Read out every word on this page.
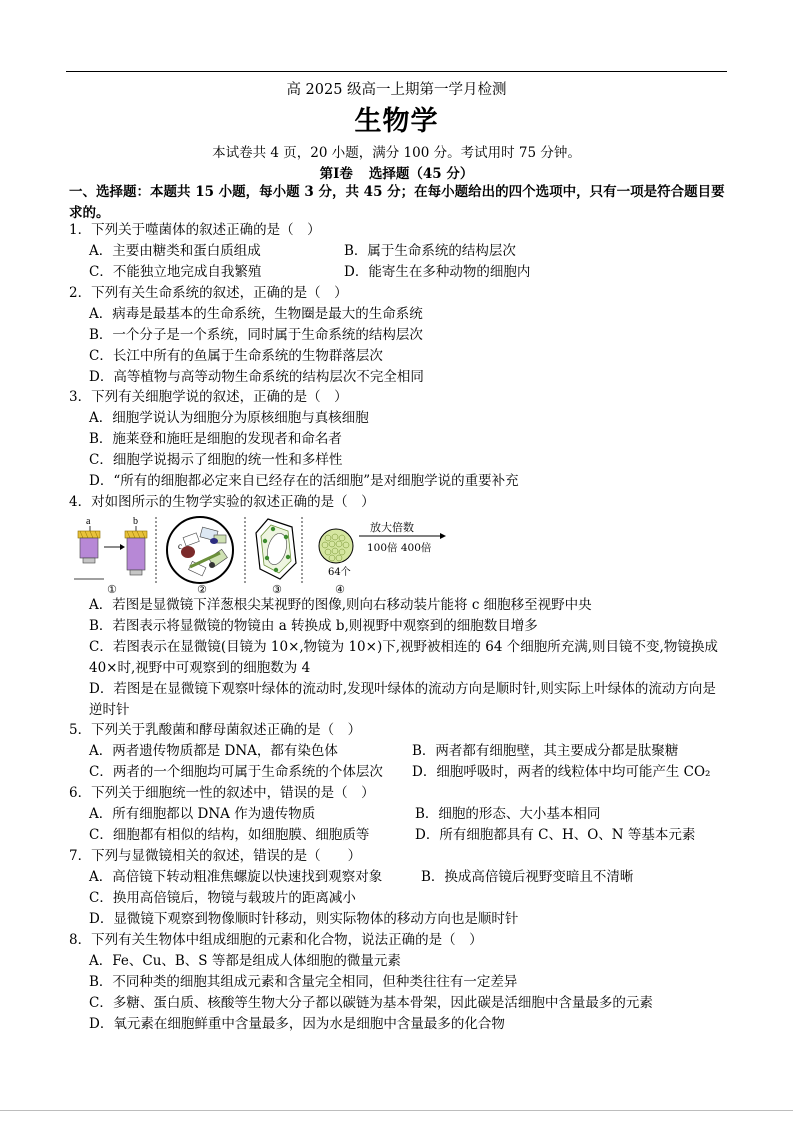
高 2025 级高一上期第一学月检测
生物学
本试卷共 4 页，20 小题，满分 100 分。考试用时 75 分钟。
第Ⅰ卷 选择题（45 分）
一、选择题：本题共 15 小题，每小题 3 分，共 45 分；在每小题给出的四个选项中，只有一项是符合题目要求的。
1．下列关于噬菌体的叙述正确的是（　）
A．主要由糖类和蛋白质组成	B．属于生命系统的结构层次
C．不能独立地完成自我繁殖	D．能寄生在多种动物的细胞内
2．下列有关生命系统的叙述，正确的是（　）
A．病毒是最基本的生命系统，生物圈是最大的生命系统
B．一个分子是一个系统，同时属于生命系统的结构层次
C．长江中所有的鱼属于生命系统的生物群落层次
D．高等植物与高等动物生命系统的结构层次不完全相同
3．下列有关细胞学说的叙述，正确的是（　）
A．细胞学说认为细胞分为原核细胞与真核细胞
B．施莱登和施旺是细胞的发现者和命名者
C．细胞学说揭示了细胞的统一性和多样性
D．“所有的细胞都必定来自已经存在的活细胞”是对细胞学说的重要补充
4．对如图所示的生物学实验的叙述正确的是（　）
a	b
①
c
②	③
64个
放大倍数
100倍 400倍
④
A．若图是显微镜下洋葱根尖某视野的图像,则向右移动装片能将 c 细胞移至视野中央
B．若图表示将显微镜的物镜由 a 转换成 b,则视野中观察到的细胞数目增多
C．若图表示在显微镜(目镜为 10×,物镜为 10×)下,视野被相连的 64 个细胞所充满,则目镜不变,物镜换成 40×时,视野中可观察到的细胞数为 4
D．若图是在显微镜下观察叶绿体的流动时,发现叶绿体的流动方向是顺时针,则实际上叶绿体的流动方向是逆时针
5．下列关于乳酸菌和酵母菌叙述正确的是（　）
A．两者遗传物质都是 DNA，都有染色体	B．两者都有细胞壁，其主要成分都是肽聚糖
C．两者的一个细胞均可属于生命系统的个体层次 D．细胞呼吸时，两者的线粒体中均可能产生 CO₂
6．下列关于细胞统一性的叙述中，错误的是（　）
A．所有细胞都以 DNA 作为遗传物质	B．细胞的形态、大小基本相同
C．细胞都有相似的结构，如细胞膜、细胞质等	D．所有细胞都具有 C、H、O、N 等基本元素
7．下列与显微镜相关的叙述，错误的是（　　）
A．高倍镜下转动粗准焦螺旋以快速找到观察对象	B．换成高倍镜后视野变暗且不清晰
C．换用高倍镜后，物镜与载玻片的距离减小
D．显微镜下观察到物像顺时针移动，则实际物体的移动方向也是顺时针
8．下列有关生物体中组成细胞的元素和化合物，说法正确的是（　）
A．Fe、Cu、B、S 等都是组成人体细胞的微量元素
B．不同种类的细胞其组成元素和含量完全相同，但种类往往有一定差异
C．多糖、蛋白质、核酸等生物大分子都以碳链为基本骨架，因此碳是活细胞中含量最多的元素
D．氧元素在细胞鲜重中含量最多，因为水是细胞中含量最多的化合物
